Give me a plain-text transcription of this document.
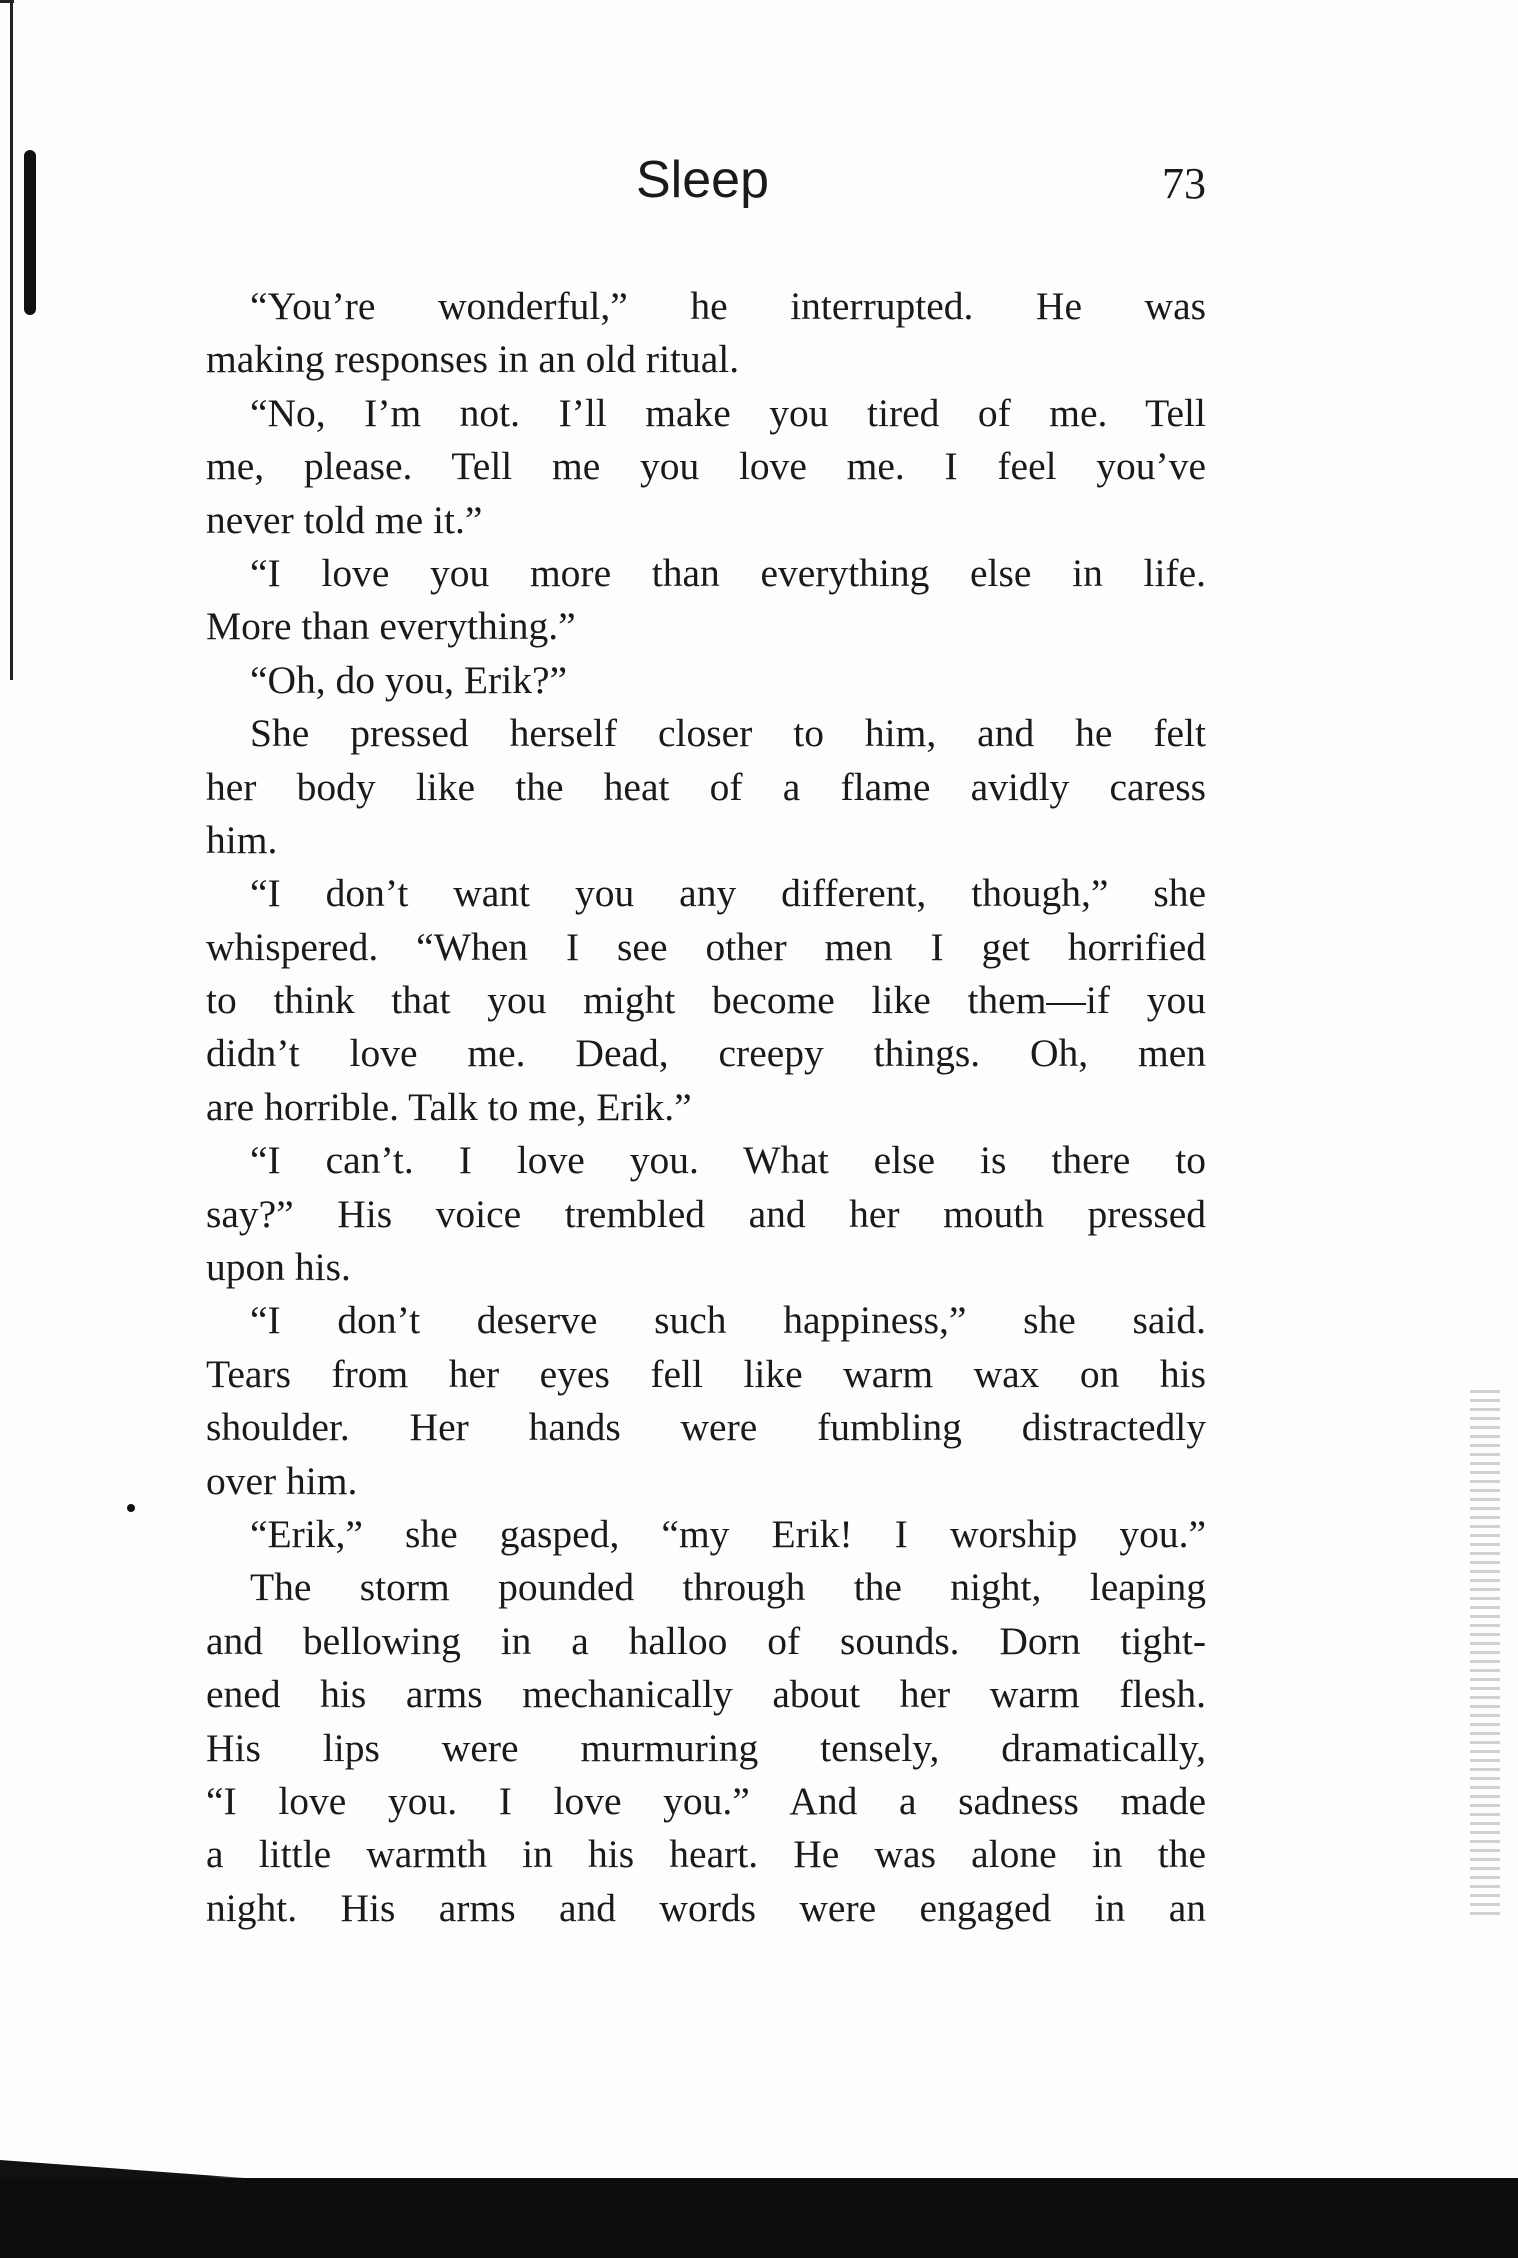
Sleep	73
“You’re wonderful,” he interrupted. He was
making responses in an old ritual.
“No, I’m not. I’ll make you tired of me. Tell
me, please. Tell me you love me. I feel you’ve
never told me it.”
“I love you more than everything else in life.
More than everything.”
“Oh, do you, Erik?”
She pressed herself closer to him, and he felt
her body like the heat of a flame avidly caress
him.
“I don’t want you any different, though,” she
whispered. “When I see other men I get horrified
to think that you might become like them—if you
didn’t love me. Dead, creepy things. Oh, men
are horrible. Talk to me, Erik.”
“I can’t. I love you. What else is there to
say?” His voice trembled and her mouth pressed
upon his.
“I don’t deserve such happiness,” she said.
Tears from her eyes fell like warm wax on his
shoulder. Her hands were fumbling distractedly
over him.
“Erik,” she gasped, “my Erik! I worship you.”
The storm pounded through the night, leaping
and bellowing in a halloo of sounds. Dorn tight-
ened his arms mechanically about her warm flesh.
His lips were murmuring tensely, dramatically,
“I love you. I love you.” And a sadness made
a little warmth in his heart. He was alone in the
night. His arms and words were engaged in an
